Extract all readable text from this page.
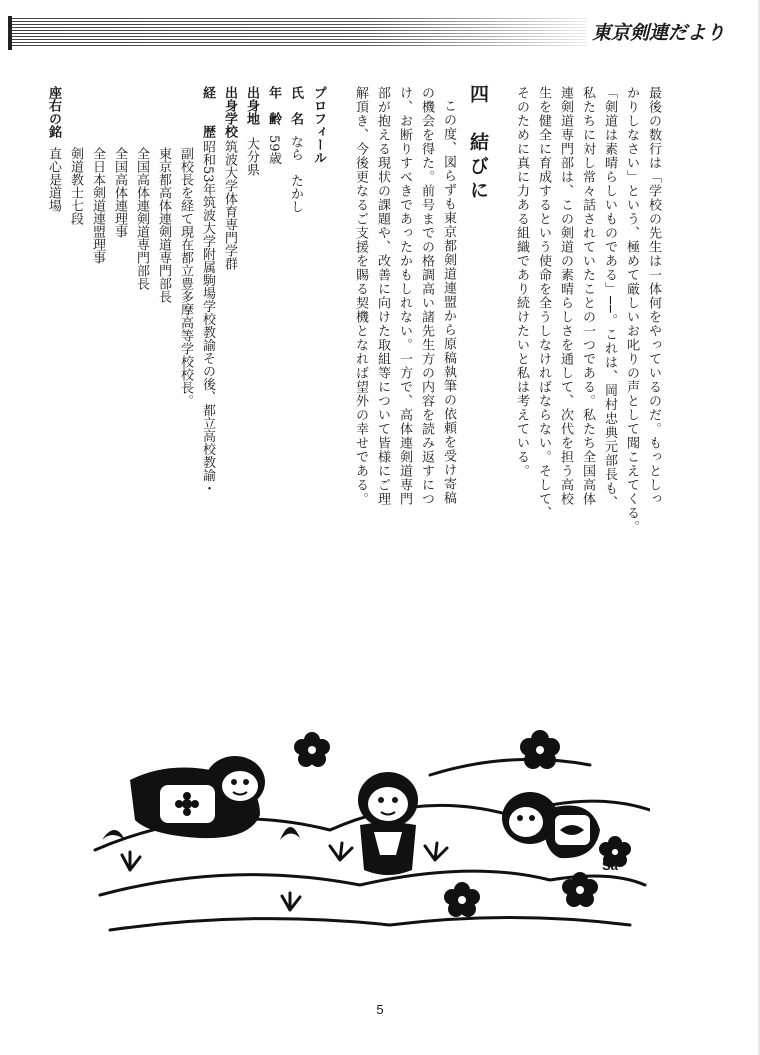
東京剣連だより
最後の数行は「学校の先生は一体何をやっているのだ。もっとしっ
かりしなさい」という、極めて厳しいお叱りの声として聞こえてくる。
「剣道は素晴らしいものである」──。これは、岡村忠典元部長も、
私たちに対し常々話されていたことの一つである。私たち全国高体
連剣道専門部は、この剣道の素晴らしさを通して、次代を担う高校
生を健全に育成するという使命を全うしなければならない。そして、
そのために真に力ある組織であり続けたいと私は考えている。
四　結びに
この度、図らずも東京都剣道連盟から原稿執筆の依頼を受け寄稿
の機会を得た。前号までの格調高い諸先生方の内容を読み返すにつ
け、お断りすべきであったかもしれない。一方で、高体連剣道専門
部が抱える現状の課題や、改善に向けた取組等について皆様にご理
解頂き、今後更なるご支援を賜る契機となれば望外の幸せである。
プロフィール
氏　名なら　たかし
年　齢59歳
出身地大分県
出身学校筑波大学体育専門学群
経　　歴昭和53年筑波大学附属駒場学校教諭その後、都立高校教諭・
副校長を経て現在都立豊多摩高等学校校長。
東京都高体連剣道専門部長
全国高体連剣道専門部長
全国高体連理事
全日本剣道連盟理事
剣道教士七段
座右の銘
直心是道場
Sa
5
